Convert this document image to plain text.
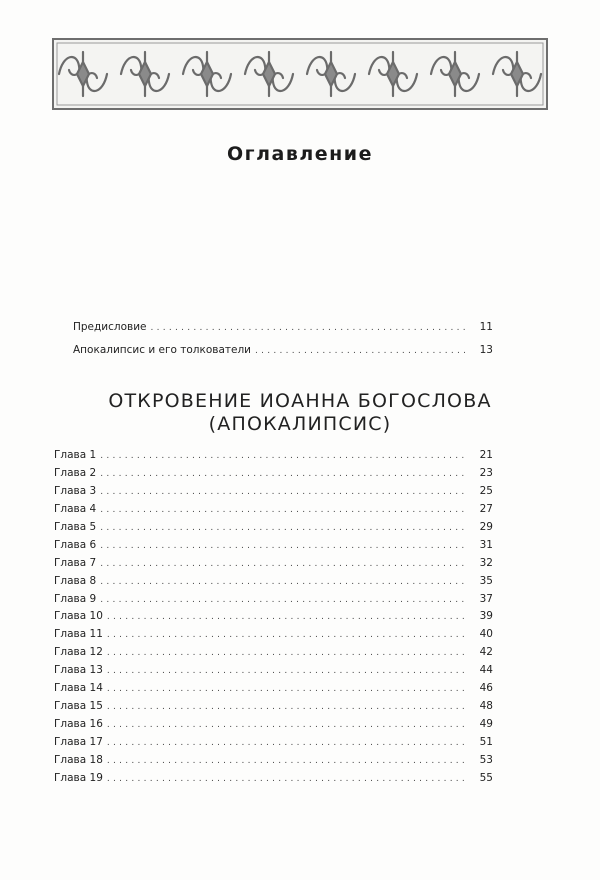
Оглавление
Предисловие . . .	11
Апокалипсис и его толкователи . . .	13
ОТКРОВЕНИЕ ИОАННА БОГОСЛОВА
(АПОКАЛИПСИС)
Глава 1 . . .	21
Глава 2 . . .	23
Глава 3 . . .	25
Глава 4 . . .	27
Глава 5 . . .	29
Глава 6 . . .	31
Глава 7 . . .	32
Глава 8 . . .	35
Глава 9 . . .	37
Глава 10 . . .	39
Глава 11 . . .	40
Глава 12 . . .	42
Глава 13 . . .	44
Глава 14 . . .	46
Глава 15 . . .	48
Глава 16 . . .	49
Глава 17 . . .	51
Глава 18 . . .	53
Глава 19 . . .	55
